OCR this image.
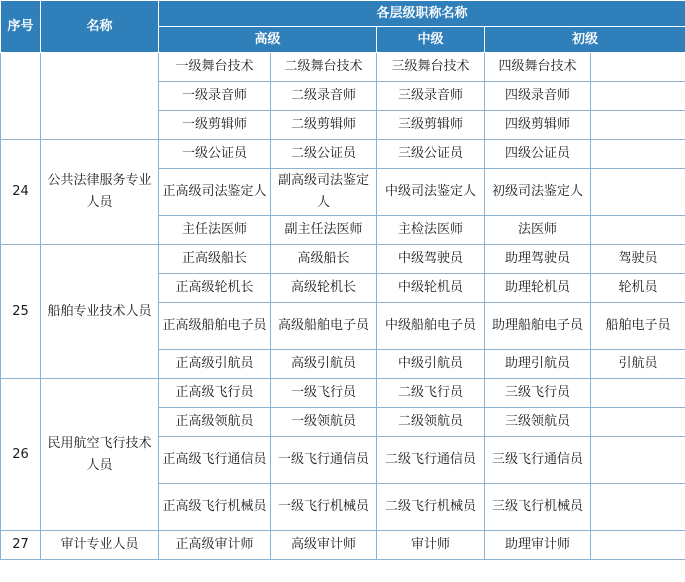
序号	名称	各层级职称名称				
		高级		中级	初级	
		一级舞台技术	二级舞台技术	三级舞台技术	四级舞台技术	
		一级录音师	二级录音师	三级录音师	四级录音师	
		一级剪辑师	二级剪辑师	三级剪辑师	四级剪辑师	
24	公共法律服务专业人员	一级公证员	二级公证员	三级公证员	四级公证员	
		正高级司法鉴定人	副高级司法鉴定人	中级司法鉴定人	初级司法鉴定人	
		主任法医师	副主任法医师	主检法医师	法医师	
25	船舶专业技术人员	正高级船长	高级船长	中级驾驶员	助理驾驶员	驾驶员
		正高级轮机长	高级轮机长	中级轮机员	助理轮机员	轮机员
		正高级船舶电子员	高级船舶电子员	中级船舶电子员	助理船舶电子员	船舶电子员
		正高级引航员	高级引航员	中级引航员	助理引航员	引航员
26	民用航空飞行技术人员	正高级飞行员	一级飞行员	二级飞行员	三级飞行员	
		正高级领航员	一级领航员	二级领航员	三级领航员	
		正高级飞行通信员	一级飞行通信员	二级飞行通信员	三级飞行通信员	
		正高级飞行机械员	一级飞行机械员	二级飞行机械员	三级飞行机械员	
27	审计专业人员	正高级审计师	高级审计师	审计师	助理审计师	
